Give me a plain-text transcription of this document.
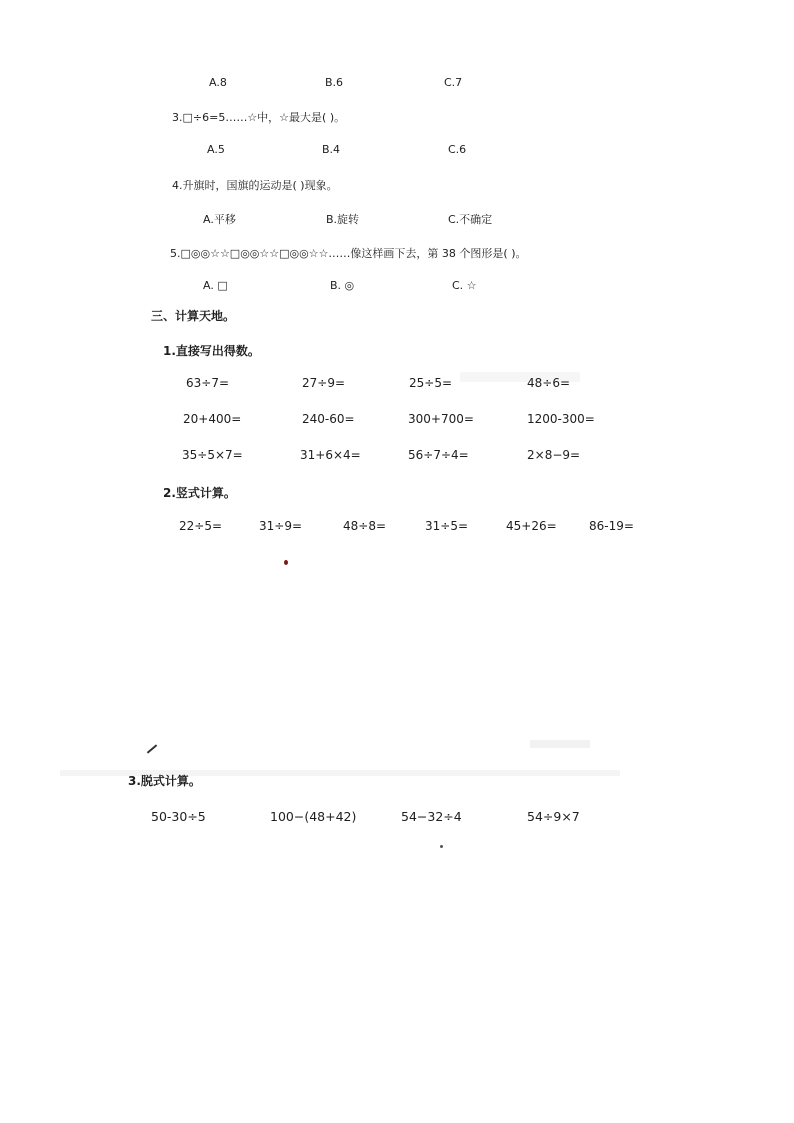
A.8	B.6	C.7
3.□÷6=5……☆中，☆最大是( )。
A.5	B.4	C.6
4.升旗时，国旗的运动是( )现象。
A.平移	B.旋转	C.不确定
5.□◎◎☆☆□◎◎☆☆□◎◎☆☆……像这样画下去，第 38 个图形是( )。
A. □	B. ◎	C. ☆
三、计算天地。
1.直接写出得数。
63÷7=	27÷9=	25÷5=	48÷6=
20+400=	240-60=	300+700=	1200-300=
35÷5×7=	31+6×4=	56÷7÷4=	2×8−9=
2.竖式计算。
22÷5=	31÷9=	48÷8=	31÷5=	45+26=	86-19=
3.脱式计算。
50-30÷5	100−(48+42)	54−32÷4	54÷9×7
